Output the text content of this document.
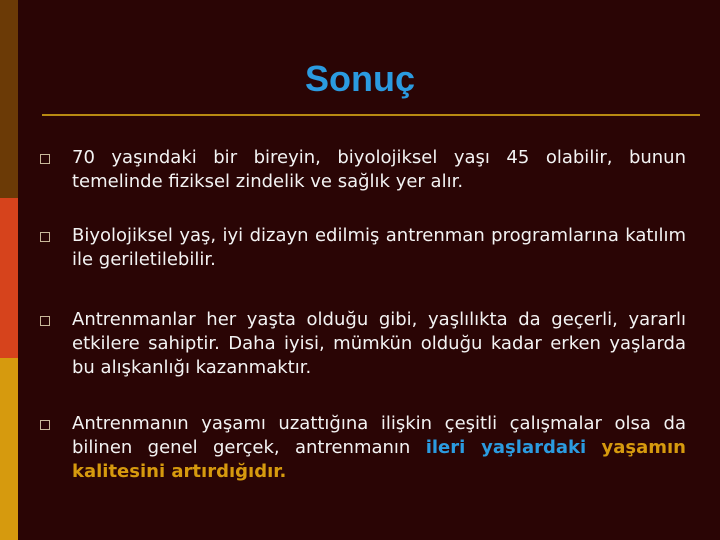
Sonuç
70 yaşındaki bir bireyin, biyolojiksel yaşı 45 olabilir, bunun temelinde fiziksel zindelik ve sağlık yer alır.
Biyolojiksel yaş, iyi dizayn edilmiş antrenman programlarına katılım ile geriletilebilir.
Antrenmanlar her yaşta olduğu gibi, yaşlılıkta da geçerli, yararlı etkilere sahiptir. Daha iyisi, mümkün olduğu kadar erken yaşlarda bu alışkanlığı kazanmaktır.
Antrenmanın yaşamı uzattığına ilişkin çeşitli çalışmalar olsa da bilinen genel gerçek, antrenmanın ileri yaşlardaki yaşamın kalitesini artırdığıdır.
